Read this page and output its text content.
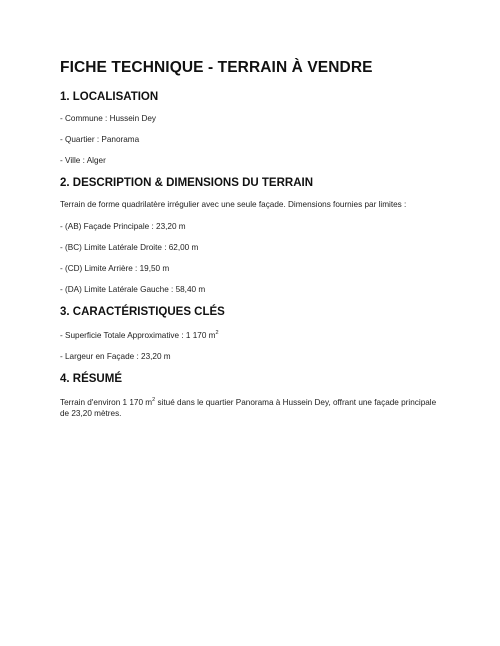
FICHE TECHNIQUE - TERRAIN À VENDRE
1. LOCALISATION
- Commune : Hussein Dey
- Quartier : Panorama
- Ville : Alger
2. DESCRIPTION & DIMENSIONS DU TERRAIN
Terrain de forme quadrilatère irrégulier avec une seule façade. Dimensions fournies par limites :
- (AB) Façade Principale : 23,20 m
- (BC) Limite Latérale Droite : 62,00 m
- (CD) Limite Arrière : 19,50 m
- (DA) Limite Latérale Gauche : 58,40 m
3. CARACTÉRISTIQUES CLÉS
- Superficie Totale Approximative : 1 170 $m^2$
- Largeur en Façade : 23,20 m
4. RÉSUMÉ
Terrain d'environ 1 170 $m^2$ situé dans le quartier Panorama à Hussein Dey, offrant une façade principale de 23,20 mètres.
